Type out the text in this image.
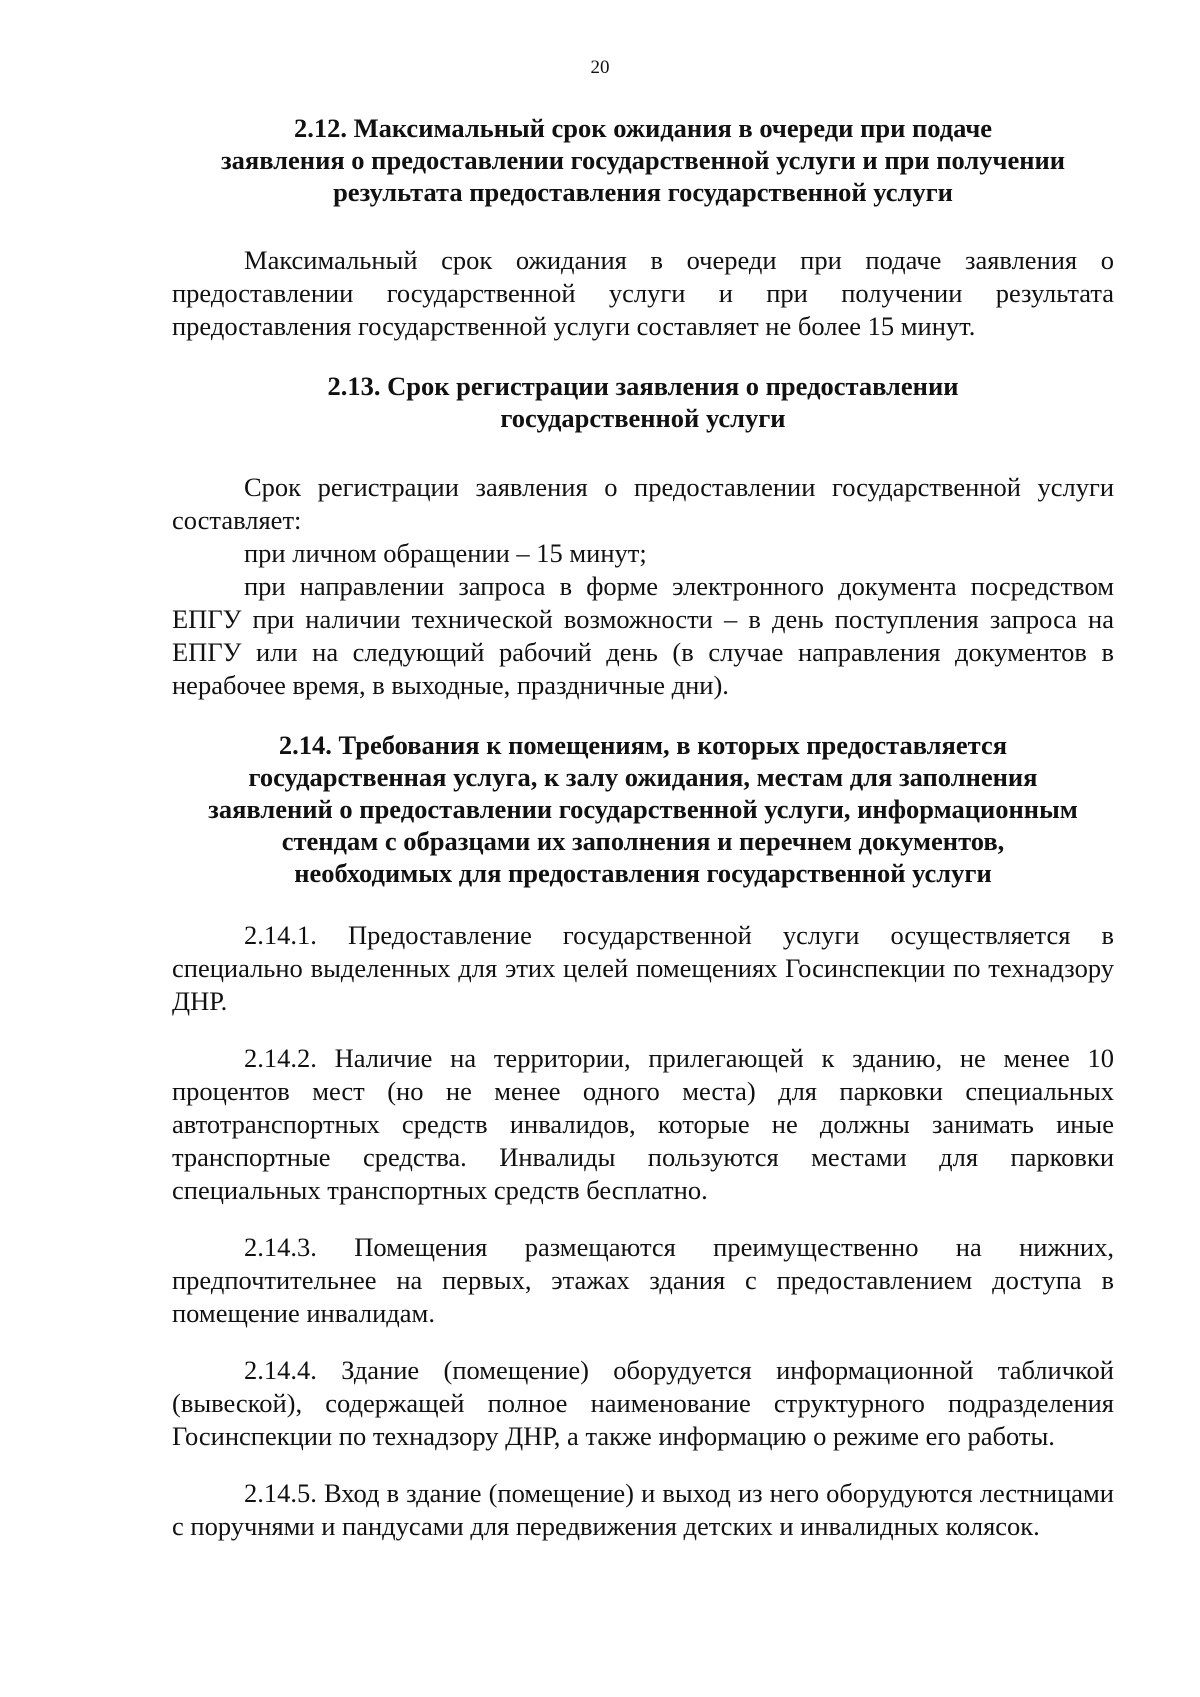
20
2.12. Максимальный срок ожидания в очереди при подаче
заявления о предоставлении государственной услуги и при получении
результата предоставления государственной услуги

Максимальный срок ожидания в очереди при подаче заявления о предоставлении государственной услуги и при получении результата предоставления государственной услуги составляет не более 15 минут.

2.13. Срок регистрации заявления о предоставлении
государственной услуги

Срок регистрации заявления о предоставлении государственной услуги составляет:

при личном обращении – 15 минут;

при направлении запроса в форме электронного документа посредством ЕПГУ при наличии технической возможности – в день поступления запроса на ЕПГУ или на следующий рабочий день (в случае направления документов в нерабочее время, в выходные, праздничные дни).

2.14. Требования к помещениям, в которых предоставляется
государственная услуга, к залу ожидания, местам для заполнения
заявлений о предоставлении государственной услуги, информационным
стендам с образцами их заполнения и перечнем документов,
необходимых для предоставления государственной услуги

2.14.1. Предоставление государственной услуги осуществляется в специально выделенных для этих целей помещениях Госинспекции по технадзору ДНР.

2.14.2. Наличие на территории, прилегающей к зданию, не менее 10 процентов мест (но не менее одного места) для парковки специальных автотранспортных средств инвалидов, которые не должны занимать иные транспортные средства. Инвалиды пользуются местами для парковки специальных транспортных средств бесплатно.

2.14.3. Помещения размещаются преимущественно на нижних, предпочтительнее на первых, этажах здания с предоставлением доступа в помещение инвалидам.

2.14.4. Здание (помещение) оборудуется информационной табличкой (вывеской), содержащей полное наименование структурного подразделения Госинспекции по технадзору ДНР, а также информацию о режиме его работы.

2.14.5. Вход в здание (помещение) и выход из него оборудуются лестницами с поручнями и пандусами для передвижения детских и инвалидных колясок.
